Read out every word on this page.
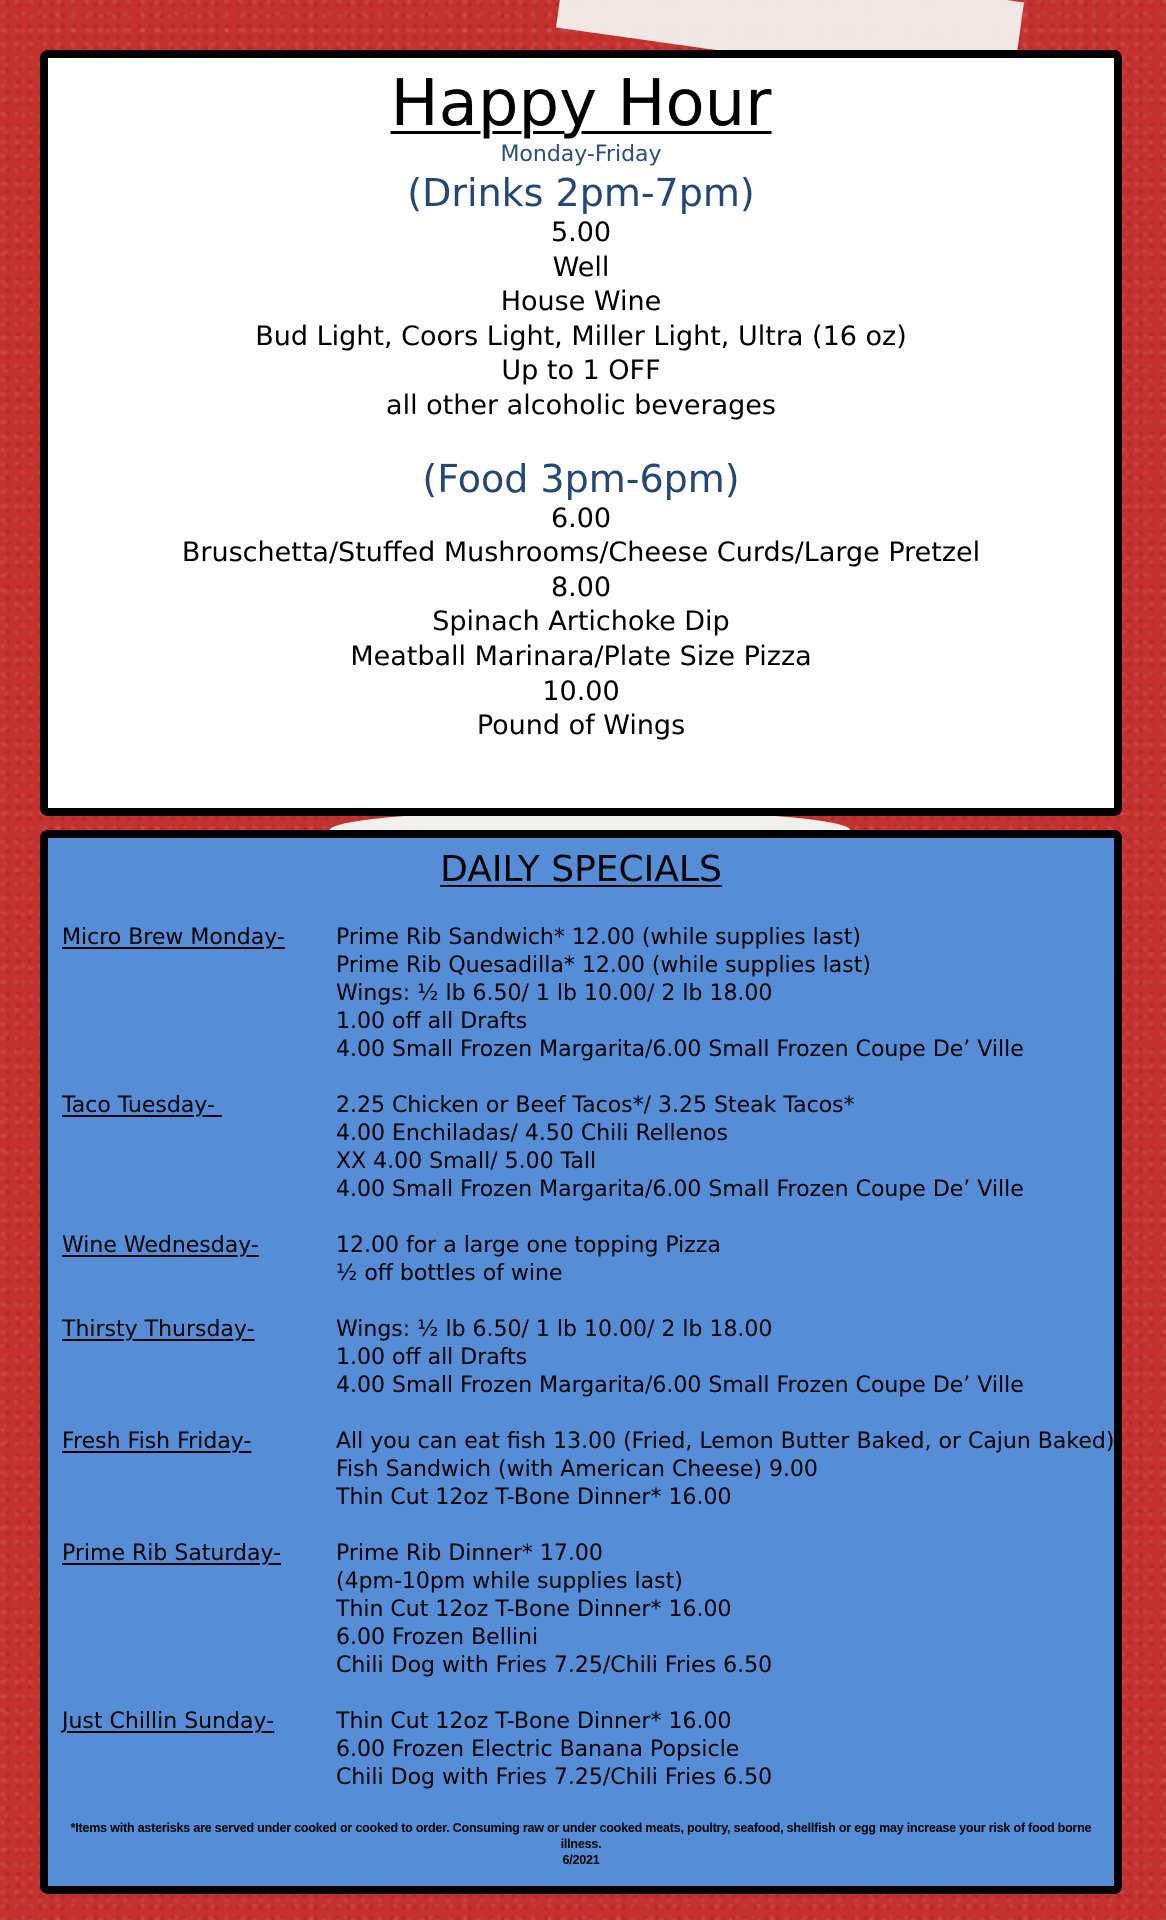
Happy Hour
Monday-Friday
(Drinks 2pm-7pm)
5.00
Well
House Wine
Bud Light, Coors Light, Miller Light, Ultra (16 oz)
Up to 1 OFF
all other alcoholic beverages
(Food 3pm-6pm)
6.00
Bruschetta/Stuffed Mushrooms/Cheese Curds/Large Pretzel
8.00
Spinach Artichoke Dip
Meatball Marinara/Plate Size Pizza
10.00
Pound of Wings
DAILY SPECIALS
Micro Brew Monday-	Prime Rib Sandwich* 12.00 (while supplies last)
Prime Rib Quesadilla* 12.00 (while supplies last)
Wings: ½ lb 6.50/ 1 lb 10.00/ 2 lb 18.00
1.00 off all Drafts
4.00 Small Frozen Margarita/6.00 Small Frozen Coupe De’ Ville
Taco Tuesday-	2.25 Chicken or Beef Tacos*/ 3.25 Steak Tacos*
4.00 Enchiladas/ 4.50 Chili Rellenos
XX 4.00 Small/ 5.00 Tall
4.00 Small Frozen Margarita/6.00 Small Frozen Coupe De’ Ville
Wine Wednesday-	12.00 for a large one topping Pizza
½ off bottles of wine
Thirsty Thursday-	Wings: ½ lb 6.50/ 1 lb 10.00/ 2 lb 18.00
1.00 off all Drafts
4.00 Small Frozen Margarita/6.00 Small Frozen Coupe De’ Ville
Fresh Fish Friday-	All you can eat fish 13.00 (Fried, Lemon Butter Baked, or Cajun Baked)
Fish Sandwich (with American Cheese) 9.00
Thin Cut 12oz T-Bone Dinner* 16.00
Prime Rib Saturday-	Prime Rib Dinner* 17.00
(4pm-10pm while supplies last)
Thin Cut 12oz T-Bone Dinner* 16.00
6.00 Frozen Bellini
Chili Dog with Fries 7.25/Chili Fries 6.50
Just Chillin Sunday-	Thin Cut 12oz T-Bone Dinner* 16.00
6.00 Frozen Electric Banana Popsicle
Chili Dog with Fries 7.25/Chili Fries 6.50
*Items with asterisks are served under cooked or cooked to order. Consuming raw or under cooked meats, poultry, seafood, shellfish or egg may increase your risk of food borne illness.
6/2021
